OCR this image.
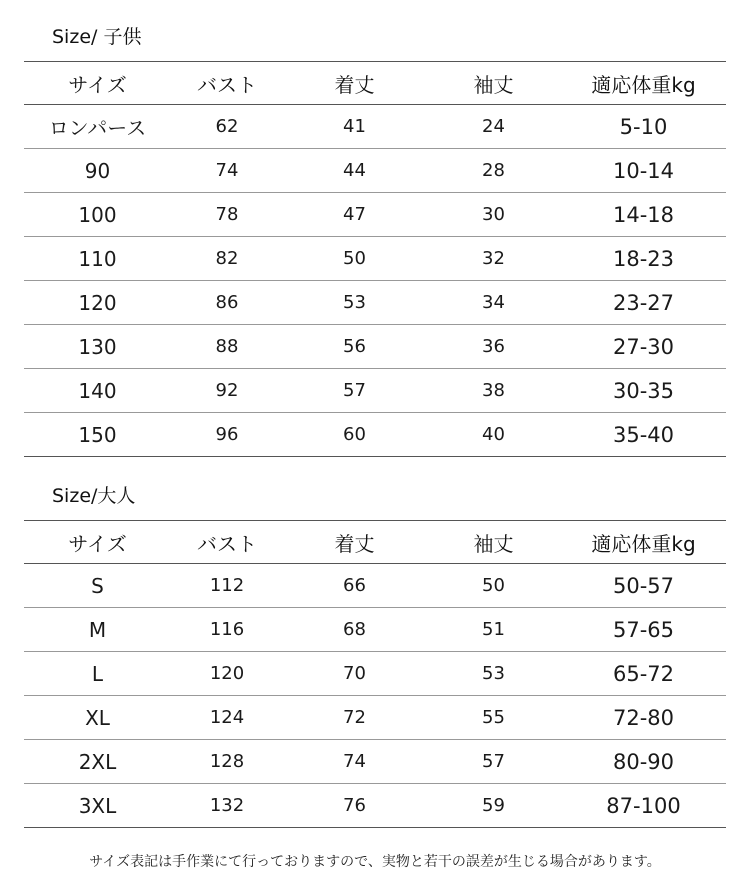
Size/ 子供
サイズ	バスト	着丈	袖丈	適応体重kg
ロンパース	62	41	24	5-10
90	74	44	28	10-14
100	78	47	30	14-18
110	82	50	32	18-23
120	86	53	34	23-27
130	88	56	36	27-30
140	92	57	38	30-35
150	96	60	40	35-40
Size/大人
サイズ	バスト	着丈	袖丈	適応体重kg
S	112	66	50	50-57
M	116	68	51	57-65
L	120	70	53	65-72
XL	124	72	55	72-80
2XL	128	74	57	80-90
3XL	132	76	59	87-100
サイズ表記は手作業にて行っておりますので、実物と若干の誤差が生じる場合があります。
